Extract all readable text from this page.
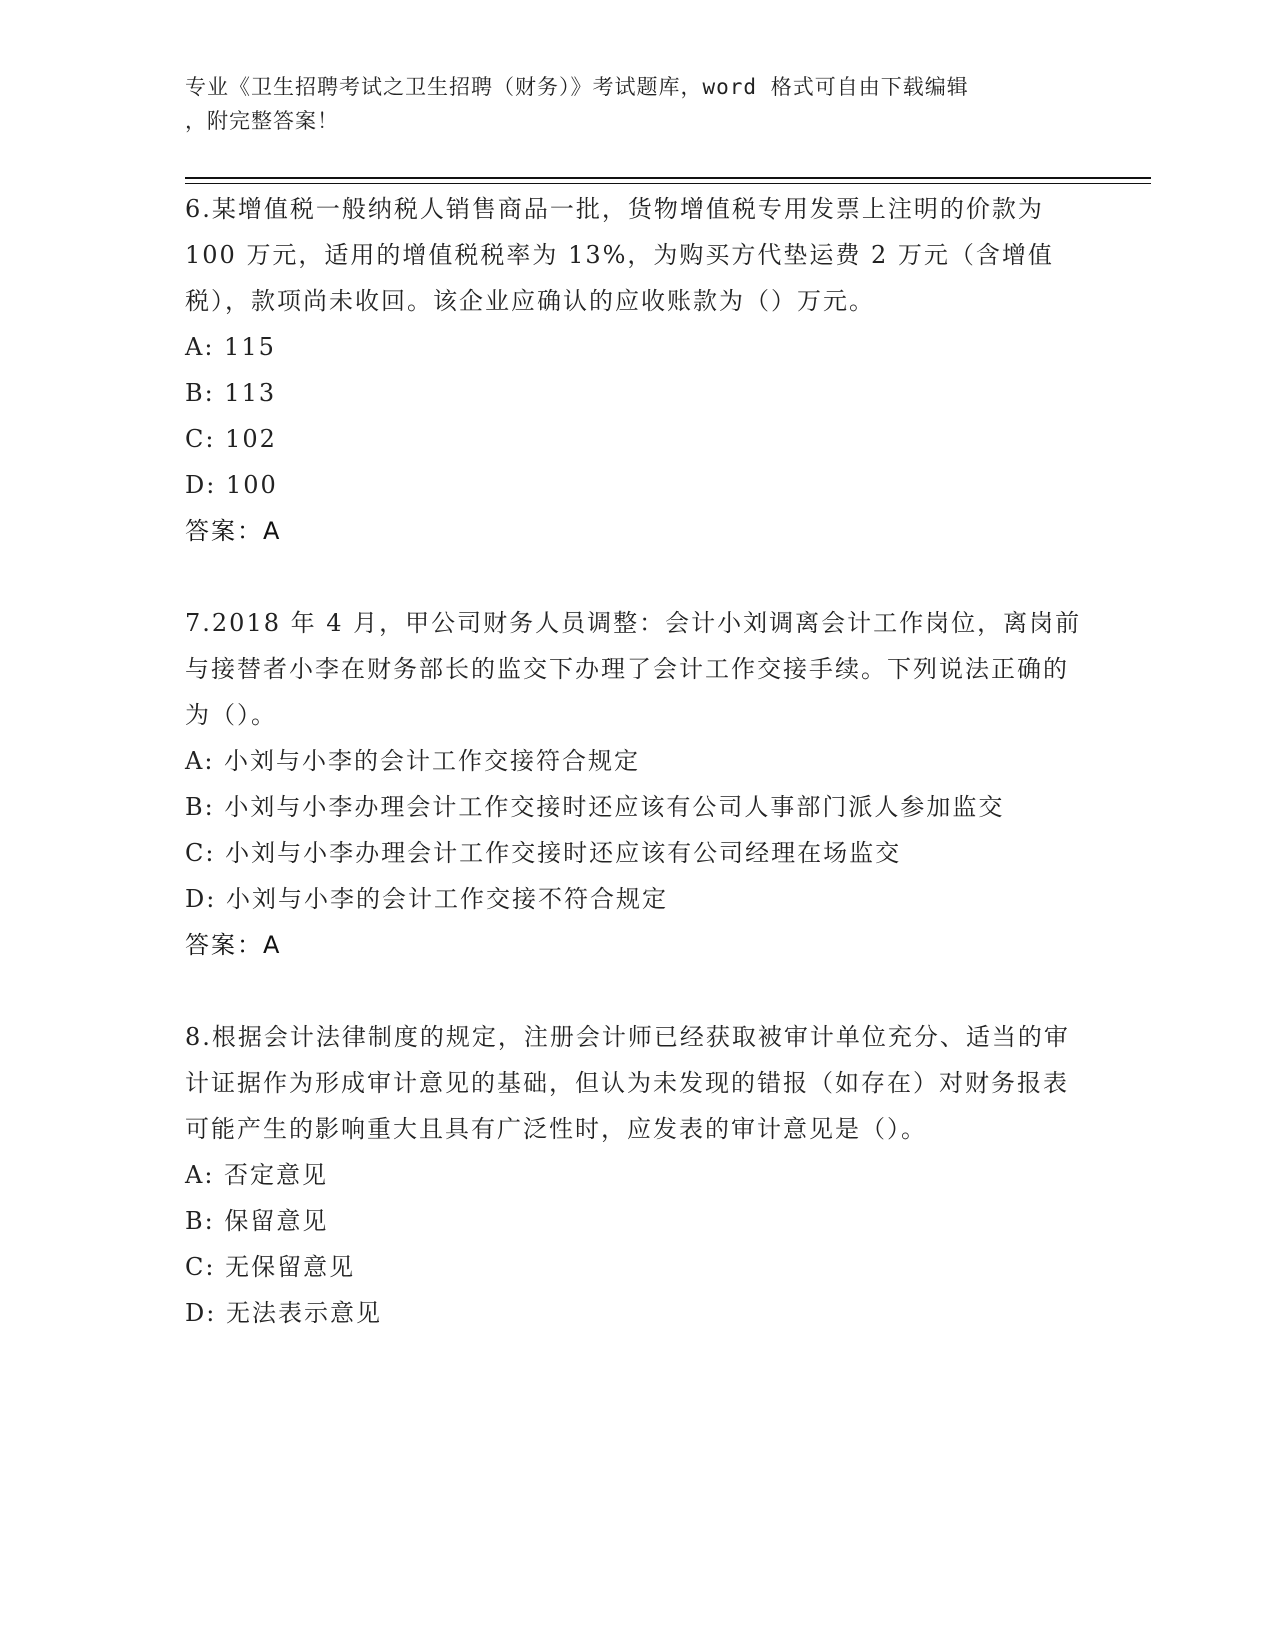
专业《卫生招聘考试之卫生招聘（财务）》考试题库，word 格式可自由下载编辑

，附完整答案！

6.某增值税一般纳税人销售商品一批，货物增值税专用发票上注明的价款为 100 万元，适用的增值税税率为 13%，为购买方代垫运费 2 万元（含增值税），款项尚未收回。该企业应确认的应收账款为（）万元。

A: 115

B: 113

C: 102

D: 100

答案：A

7.2018 年 4 月，甲公司财务人员调整：会计小刘调离会计工作岗位，离岗前与接替者小李在财务部长的监交下办理了会计工作交接手续。下列说法正确的为（）。

A: 小刘与小李的会计工作交接符合规定

B: 小刘与小李办理会计工作交接时还应该有公司人事部门派人参加监交

C: 小刘与小李办理会计工作交接时还应该有公司经理在场监交

D: 小刘与小李的会计工作交接不符合规定

答案：A

8.根据会计法律制度的规定，注册会计师已经获取被审计单位充分、适当的审计证据作为形成审计意见的基础，但认为未发现的错报（如存在）对财务报表可能产生的影响重大且具有广泛性时，应发表的审计意见是（）。

A: 否定意见

B: 保留意见

C: 无保留意见

D: 无法表示意见
